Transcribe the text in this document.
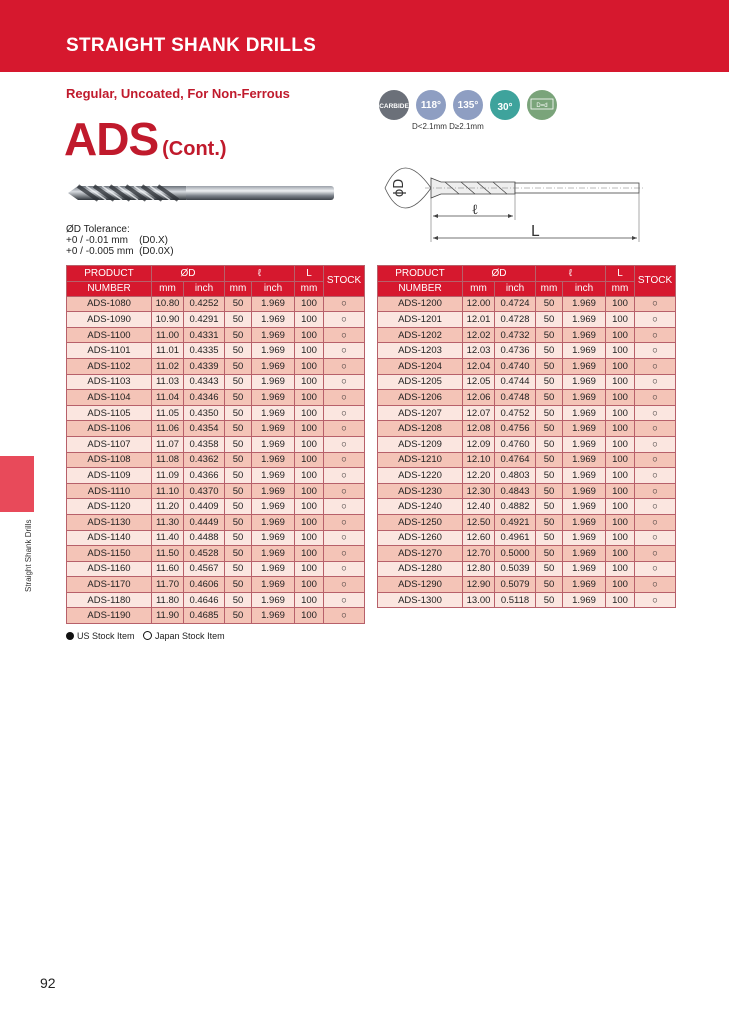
STRAIGHT SHANK DRILLS
Regular, Uncoated, For Non-Ferrous
ADS (Cont.)
ØD Tolerance:
+0 / -0.01 mm    (D0.X)
+0 / -0.005 mm  (D0.0X)
CARBIDE 118° 135° 30°	D=d
D<2.1mm D≥2.1mm
ϕD
ℓ
L
PRODUCT	ØD		ℓ		L	STOCK
NUMBER	mm	inch	mm	inch	mm	
ADS-1080	10.80	0.4252	50	1.969	100	○
ADS-1090	10.90	0.4291	50	1.969	100	○
ADS-1100	11.00	0.4331	50	1.969	100	○
ADS-1101	11.01	0.4335	50	1.969	100	○
ADS-1102	11.02	0.4339	50	1.969	100	○
ADS-1103	11.03	0.4343	50	1.969	100	○
ADS-1104	11.04	0.4346	50	1.969	100	○
ADS-1105	11.05	0.4350	50	1.969	100	○
ADS-1106	11.06	0.4354	50	1.969	100	○
ADS-1107	11.07	0.4358	50	1.969	100	○
ADS-1108	11.08	0.4362	50	1.969	100	○
ADS-1109	11.09	0.4366	50	1.969	100	○
ADS-1110	11.10	0.4370	50	1.969	100	○
ADS-1120	11.20	0.4409	50	1.969	100	○
ADS-1130	11.30	0.4449	50	1.969	100	○
ADS-1140	11.40	0.4488	50	1.969	100	○
ADS-1150	11.50	0.4528	50	1.969	100	○
ADS-1160	11.60	0.4567	50	1.969	100	○
ADS-1170	11.70	0.4606	50	1.969	100	○
ADS-1180	11.80	0.4646	50	1.969	100	○
ADS-1190	11.90	0.4685	50	1.969	100	○
PRODUCT	ØD		ℓ		L	STOCK
NUMBER	mm	inch	mm	inch	mm	
ADS-1200	12.00	0.4724	50	1.969	100	○
ADS-1201	12.01	0.4728	50	1.969	100	○
ADS-1202	12.02	0.4732	50	1.969	100	○
ADS-1203	12.03	0.4736	50	1.969	100	○
ADS-1204	12.04	0.4740	50	1.969	100	○
ADS-1205	12.05	0.4744	50	1.969	100	○
ADS-1206	12.06	0.4748	50	1.969	100	○
ADS-1207	12.07	0.4752	50	1.969	100	○
ADS-1208	12.08	0.4756	50	1.969	100	○
ADS-1209	12.09	0.4760	50	1.969	100	○
ADS-1210	12.10	0.4764	50	1.969	100	○
ADS-1220	12.20	0.4803	50	1.969	100	○
ADS-1230	12.30	0.4843	50	1.969	100	○
ADS-1240	12.40	0.4882	50	1.969	100	○
ADS-1250	12.50	0.4921	50	1.969	100	○
ADS-1260	12.60	0.4961	50	1.969	100	○
ADS-1270	12.70	0.5000	50	1.969	100	○
ADS-1280	12.80	0.5039	50	1.969	100	○
ADS-1290	12.90	0.5079	50	1.969	100	○
ADS-1300	13.00	0.5118	50	1.969	100	○
US Stock Item Japan Stock Item
Straight Shank Drills
92
